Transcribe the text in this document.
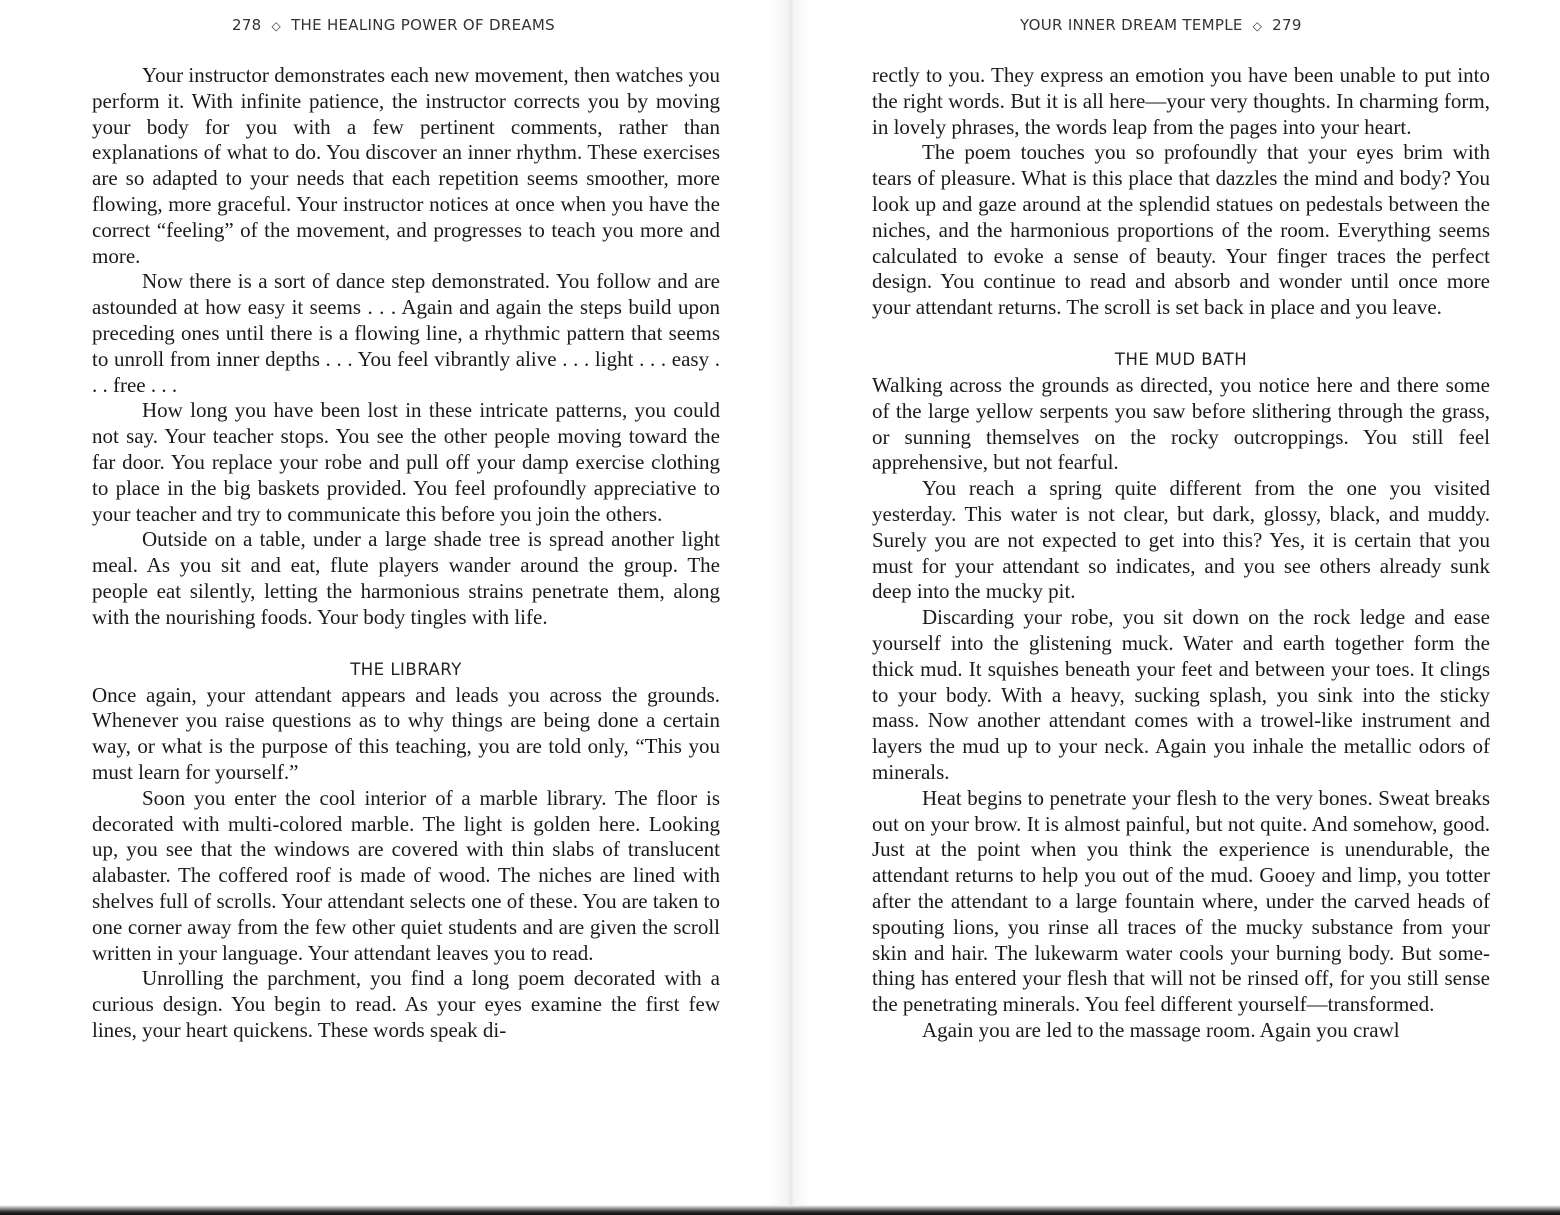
278 ◇ THE HEALING POWER OF DREAMS

Your instructor demonstrates each new movement, then watches you perform it. With infinite patience, the instructor corrects you by moving your body for you with a few pertinent comments, rather than explanations of what to do. You discover an inner rhythm. These exercises are so adapted to your needs that each repetition seems smoother, more flowing, more graceful. Your instructor notices at once when you have the correct “feeling” of the movement, and progresses to teach you more and more.

Now there is a sort of dance step demonstrated. You follow and are astounded at how easy it seems . . . Again and again the steps build upon preceding ones until there is a flowing line, a rhythmic pattern that seems to unroll from inner depths . . . You feel vibrantly alive . . . light . . . easy . . . free . . .

How long you have been lost in these intricate patterns, you could not say. Your teacher stops. You see the other people moving toward the far door. You replace your robe and pull off your damp exercise clothing to place in the big baskets provided. You feel profoundly appreciative to your teacher and try to communicate this before you join the others.

Outside on a table, under a large shade tree is spread another light meal. As you sit and eat, flute players wander around the group. The people eat silently, letting the harmonious strains penetrate them, along with the nourishing foods. Your body tingles with life.

THE LIBRARY

Once again, your attendant appears and leads you across the grounds. Whenever you raise questions as to why things are being done a certain way, or what is the purpose of this teaching, you are told only, “This you must learn for yourself.”

Soon you enter the cool interior of a marble library. The floor is decorated with multi-colored marble. The light is golden here. Looking up, you see that the windows are covered with thin slabs of translucent alabaster. The coffered roof is made of wood. The niches are lined with shelves full of scrolls. Your attendant selects one of these. You are taken to one corner away from the few other quiet students and are given the scroll written in your language. Your attendant leaves you to read.

Unrolling the parchment, you find a long poem decorated with a curious design. You begin to read. As your eyes examine the first few lines, your heart quickens. These words speak di-

YOUR INNER DREAM TEMPLE ◇ 279

rectly to you. They express an emotion you have been unable to put into the right words. But it is all here—your very thoughts. In charming form, in lovely phrases, the words leap from the pages into your heart.

The poem touches you so profoundly that your eyes brim with tears of pleasure. What is this place that dazzles the mind and body? You look up and gaze around at the splendid statues on pedestals between the niches, and the harmonious proportions of the room. Everything seems calculated to evoke a sense of beauty. Your finger traces the perfect design. You continue to read and absorb and wonder until once more your attendant returns. The scroll is set back in place and you leave.

THE MUD BATH

Walking across the grounds as directed, you notice here and there some of the large yellow serpents you saw before slithering through the grass, or sunning themselves on the rocky outcroppings. You still feel apprehensive, but not fearful.

You reach a spring quite different from the one you visited yesterday. This water is not clear, but dark, glossy, black, and muddy. Surely you are not expected to get into this? Yes, it is certain that you must for your attendant so indicates, and you see others already sunk deep into the mucky pit.

Discarding your robe, you sit down on the rock ledge and ease yourself into the glistening muck. Water and earth together form the thick mud. It squishes beneath your feet and between your toes. It clings to your body. With a heavy, sucking splash, you sink into the sticky mass. Now another attendant comes with a trowel-like instrument and layers the mud up to your neck. Again you inhale the metallic odors of minerals.

Heat begins to penetrate your flesh to the very bones. Sweat breaks out on your brow. It is almost painful, but not quite. And somehow, good. Just at the point when you think the experience is unendurable, the attendant returns to help you out of the mud. Gooey and limp, you totter after the attendant to a large fountain where, under the carved heads of spouting lions, you rinse all traces of the mucky substance from your skin and hair. The lukewarm water cools your burning body. But something has entered your flesh that will not be rinsed off, for you still sense the penetrating minerals. You feel different yourself—transformed.

Again you are led to the massage room. Again you crawl
